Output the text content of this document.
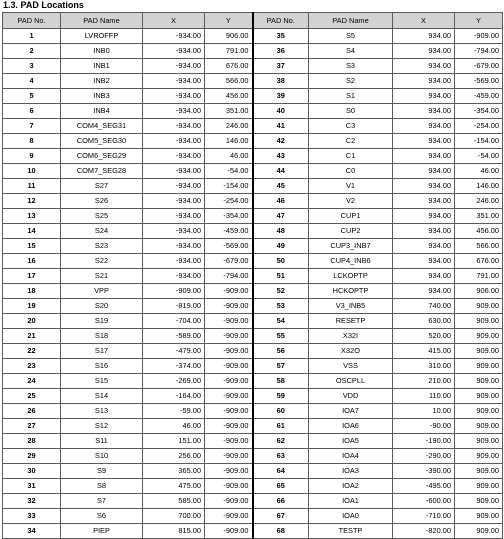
1.3. PAD Locations
PAD No.	PAD Name	X	Y	PAD No.	PAD Name	X	Y
1	LVROFFP	-934.00	906.00	35	S5	934.00	-909.00
2	INB0	-934.00	791.00	36	S4	934.00	-794.00
3	INB1	-934.00	676.00	37	S3	934.00	-679.00
4	INB2	-934.00	566.00	38	S2	934.00	-569.00
5	INB3	-934.00	456.00	39	S1	934.00	-459.00
6	INB4	-934.00	351.00	40	S0	934.00	-354.00
7	COM4_SEG31	-934.00	246.00	41	C3	934.00	-254.00
8	COM5_SEG30	-934.00	146.00	42	C2	934.00	-154.00
9	COM6_SEG29	-934.00	46.00	43	C1	934.00	-54.00
10	COM7_SEG28	-934.00	-54.00	44	C0	934.00	46.00
11	S27	-934.00	-154.00	45	V1	934.00	146.00
12	S26	-934.00	-254.00	46	V2	934.00	246.00
13	S25	-934.00	-354.00	47	CUP1	934.00	351.00
14	S24	-934.00	-459.00	48	CUP2	934.00	456.00
15	S23	-934.00	-569.00	49	CUP3_INB7	934.00	566.00
16	S22	-934.00	-679.00	50	CUP4_INB6	934.00	676.00
17	S21	-934.00	-794.00	51	LCKOPTP	934.00	791.00
18	VPP	-909.00	-909.00	52	HCKOPTP	934.00	906.00
19	S20	-819.00	-909.00	53	V3_INB5	740.00	909.00
20	S19	-704.00	-909.00	54	RESETP	630.00	909.00
21	S18	-589.00	-909.00	55	X32I	520.00	909.00
22	S17	-479.00	-909.00	56	X32O	415.00	909.00
23	S16	-374.00	-909.00	57	VSS	310.00	909.00
24	S15	-269.00	-909.00	58	OSCPLL	210.00	909.00
25	S14	-164.00	-909.00	59	VDD	110.00	909.00
26	S13	-59.00	-909.00	60	IOA7	10.00	909.00
27	S12	46.00	-909.00	61	IOA6	-90.00	909.00
28	S11	151.00	-909.00	62	IOA5	-190.00	909.00
29	S10	256.00	-909.00	63	IOA4	-290.00	909.00
30	S9	365.00	-909.00	64	IOA3	-390.00	909.00
31	S8	475.00	-909.00	65	IOA2	-495.00	909.00
32	S7	585.00	-909.00	66	IOA1	-600.00	909.00
33	S6	700.00	-909.00	67	IOA0	-710.00	909.00
34	PIEP	815.00	-909.00	68	TESTP	-820.00	909.00
